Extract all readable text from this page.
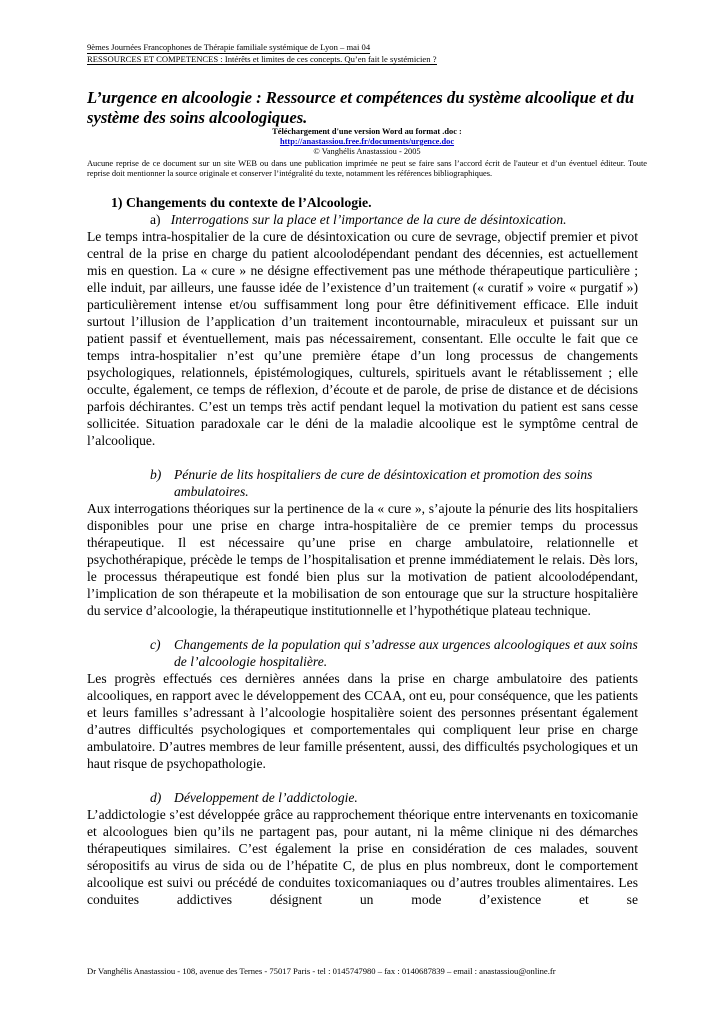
9èmes Journées Francophones de Thérapie familiale systémique de Lyon – mai 04
RESSOURCES ET COMPETENCES : Intérêts et limites de ces concepts. Qu’en fait le systémicien ?
L’urgence en alcoologie : Ressource et compétences du système alcoolique et du système des soins alcoologiques.
Téléchargement d'une version Word au format .doc :
http://anastassiou.free.fr/documents/urgence.doc
© Vanghélis Anastassiou - 2005
Aucune reprise de ce document sur un site WEB ou dans une publication imprimée ne peut se faire sans l’accord écrit de l'auteur et d’un éventuel éditeur. Toute reprise doit mentionner la source originale et conserver l’intégralité du texte, notamment les références bibliographiques.

1) Changements du contexte de l’Alcoologie.

a) Interrogations sur la place et l’importance de la cure de désintoxication.

Le temps intra-hospitalier de la cure de désintoxication ou cure de sevrage, objectif premier et pivot central de la prise en charge du patient alcoolodépendant pendant des décennies, est actuellement mis en question. La « cure » ne désigne effectivement pas une méthode thérapeutique particulière ; elle induit, par ailleurs, une fausse idée de l’existence d’un traitement (« curatif » voire « purgatif ») particulièrement intense et/ou suffisamment long pour être définitivement efficace. Elle induit surtout l’illusion de l’application d’un traitement incontournable, miraculeux et puissant sur un patient passif et éventuellement, mais pas nécessairement, consentant. Elle occulte le fait que ce temps intra-hospitalier n’est qu’une première étape d’un long processus de changements psychologiques, relationnels, épistémologiques, culturels, spirituels avant le rétablissement ; elle occulte, également, ce temps de réflexion, d’écoute et de parole, de prise de distance et de décisions parfois déchirantes. C’est un temps très actif pendant lequel la motivation du patient est sans cesse sollicitée. Situation paradoxale car le déni de la maladie alcoolique est le symptôme central de l’alcoolique.

b) Pénurie de lits hospitaliers de cure de désintoxication et promotion des soins ambulatoires.

Aux interrogations théoriques sur la pertinence de la « cure », s’ajoute la pénurie des lits hospitaliers disponibles pour une prise en charge intra-hospitalière de ce premier temps du processus thérapeutique. Il est nécessaire qu’une prise en charge ambulatoire, relationnelle et psychothérapique, précède le temps de l’hospitalisation et prenne immédiatement le relais. Dès lors, le processus thérapeutique est fondé bien plus sur la motivation de patient alcoolodépendant, l’implication de son thérapeute et la mobilisation de son entourage que sur la structure hospitalière du service d’alcoologie, la thérapeutique institutionnelle et l’hypothétique plateau technique.

c) Changements de la population qui s’adresse aux urgences alcoologiques et aux soins de l’alcoologie hospitalière.

Les progrès effectués ces dernières années dans la prise en charge ambulatoire des patients alcooliques, en rapport avec le développement des CCAA, ont eu, pour conséquence, que les patients et leurs familles s’adressant à l’alcoologie hospitalière soient des personnes présentant également d’autres difficultés psychologiques et comportementales qui compliquent leur prise en charge ambulatoire. D’autres membres de leur famille présentent, aussi, des difficultés psychologiques et un haut risque de psychopathologie.

d) Développement de l’addictologie.

L’addictologie s’est développée grâce au rapprochement théorique entre intervenants en toxicomanie et alcoologues bien qu’ils ne partagent pas, pour autant, ni la même clinique ni des démarches thérapeutiques similaires. C’est également la prise en considération de ces malades, souvent séropositifs au virus de sida ou de l’hépatite C, de plus en plus nombreux, dont le comportement alcoolique est suivi ou précédé de conduites toxicomaniaques ou d’autres troubles alimentaires. Les conduites addictives désignent un mode d’existence et se

Dr Vanghélis Anastassiou - 108, avenue des Ternes - 75017 Paris - tel : 0145747980 – fax : 0140687839 – email : anastassiou@online.fr
